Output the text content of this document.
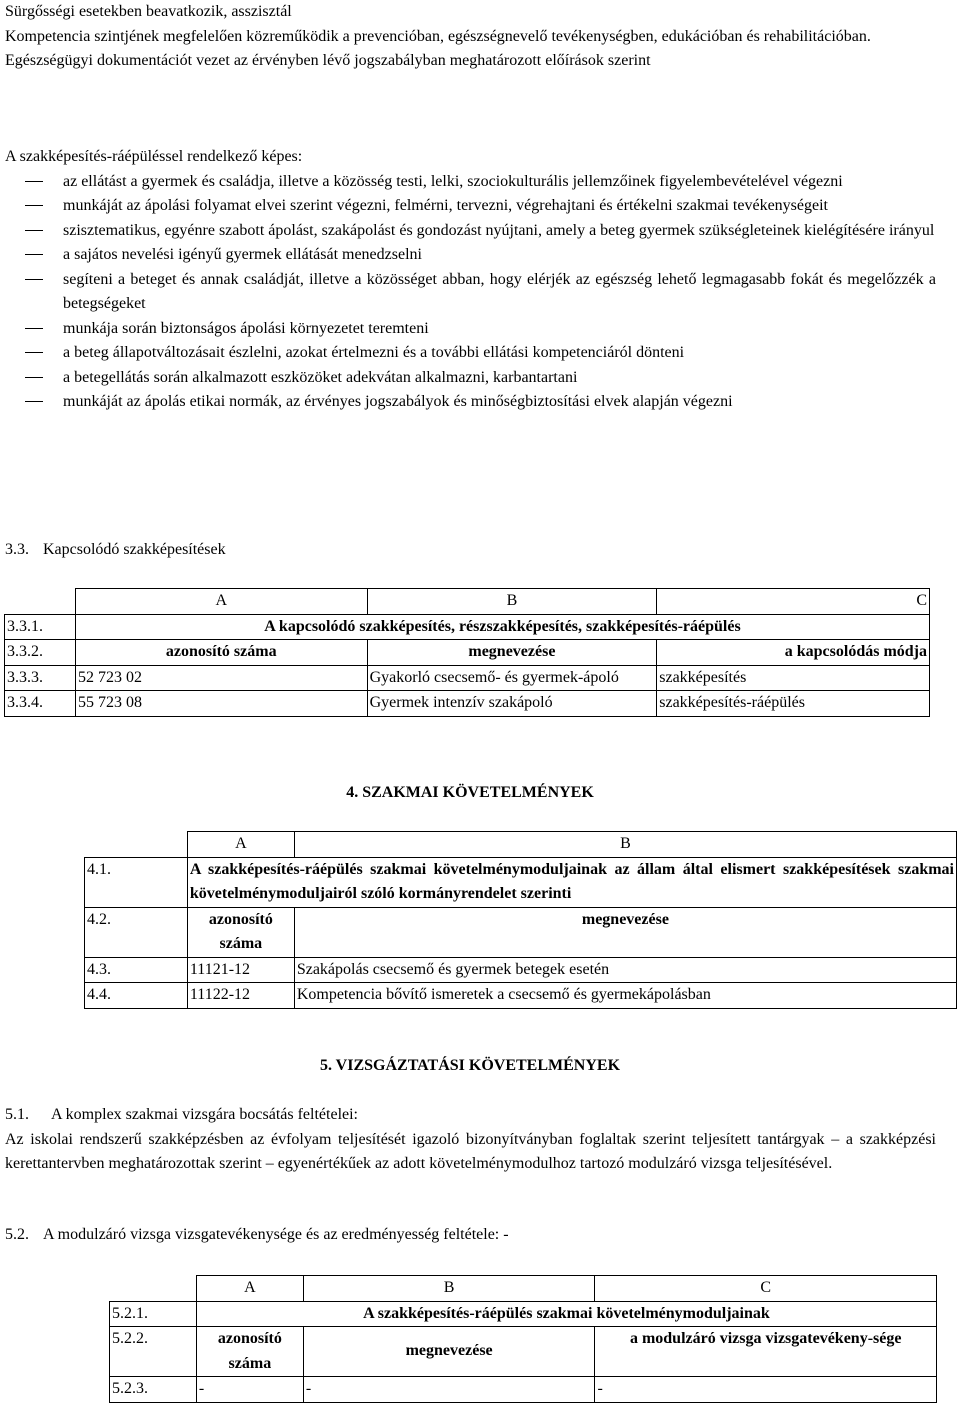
Sürgősségi esetekben beavatkozik, asszisztál

Kompetencia szintjének megfelelően közreműködik a prevencióban, egészségnevelő tevékenységben, edukációban és rehabilitációban.

Egészségügyi dokumentációt vezet az érvényben lévő jogszabályban meghatározott előírások szerint

A szakképesítés-ráépüléssel rendelkező képes:

az ellátást a gyermek és családja, illetve a közösség testi, lelki, szociokulturális jellemzőinek figyelembevételével végezni
munkáját az ápolási folyamat elvei szerint végezni, felmérni, tervezni, végrehajtani és értékelni szakmai tevékenységeit
szisztematikus, egyénre szabott ápolást, szakápolást és gondozást nyújtani, amely a beteg gyermek szükségleteinek kielégítésére irányul
a sajátos nevelési igényű gyermek ellátását menedzselni
segíteni a beteget és annak családját, illetve a közösséget abban, hogy elérjék az egészség lehető legmagasabb fokát és megelőzzék a betegségeket
munkája során biztonságos ápolási környezetet teremteni
a beteg állapotváltozásait észlelni, azokat értelmezni és a további ellátási kompetenciáról dönteni
a betegellátás során alkalmazott eszközöket adekvátan alkalmazni, karbantartani
munkáját az ápolás etikai normák, az érvényes jogszabályok és minőségbiztosítási elvek alapján végezni
3.3. Kapcsolódó szakképesítések
	A	B	C
3.3.1.	A kapcsolódó szakképesítés, részszakképesítés, szakképesítés-ráépülés		
3.3.2.	azonosító száma	megnevezése	a kapcsolódás módja
3.3.3.	52 723 02	Gyakorló csecsemő- és gyermek-ápoló	szakképesítés
3.3.4.	55 723 08	Gyermek intenzív szakápoló	szakképesítés-ráépülés
4. SZAKMAI KÖVETELMÉNYEK
	A	B
4.1.	A szakképesítés-ráépülés szakmai követelménymoduljainak az állam által elismert szakképesítések szakmai követelménymoduljairól szóló kormányrendelet szerinti	
4.2.	azonosító száma	megnevezése
4.3.	11121-12	Szakápolás csecsemő és gyermek betegek esetén
4.4.	11122-12	Kompetencia bővítő ismeretek a csecsemő és gyermekápolásban
5. VIZSGÁZTATÁSI KÖVETELMÉNYEK

5.1. A komplex szakmai vizsgára bocsátás feltételei:

Az iskolai rendszerű szakképzésben az évfolyam teljesítését igazoló bizonyítványban foglaltak szerint teljesített tantárgyak – a szakképzési kerettantervben meghatározottak szerint – egyenértékűek az adott követelménymodulhoz tartozó modulzáró vizsga teljesítésével.

5.2. A modulzáró vizsga vizsgatevékenysége és az eredményesség feltétele: -
	A	B	C
5.2.1.	A szakképesítés-ráépülés szakmai követelménymoduljainak		
5.2.2.	azonosító száma	megnevezése	a modulzáró vizsga vizsgatevékeny-sége
5.2.3.	-	-	-
